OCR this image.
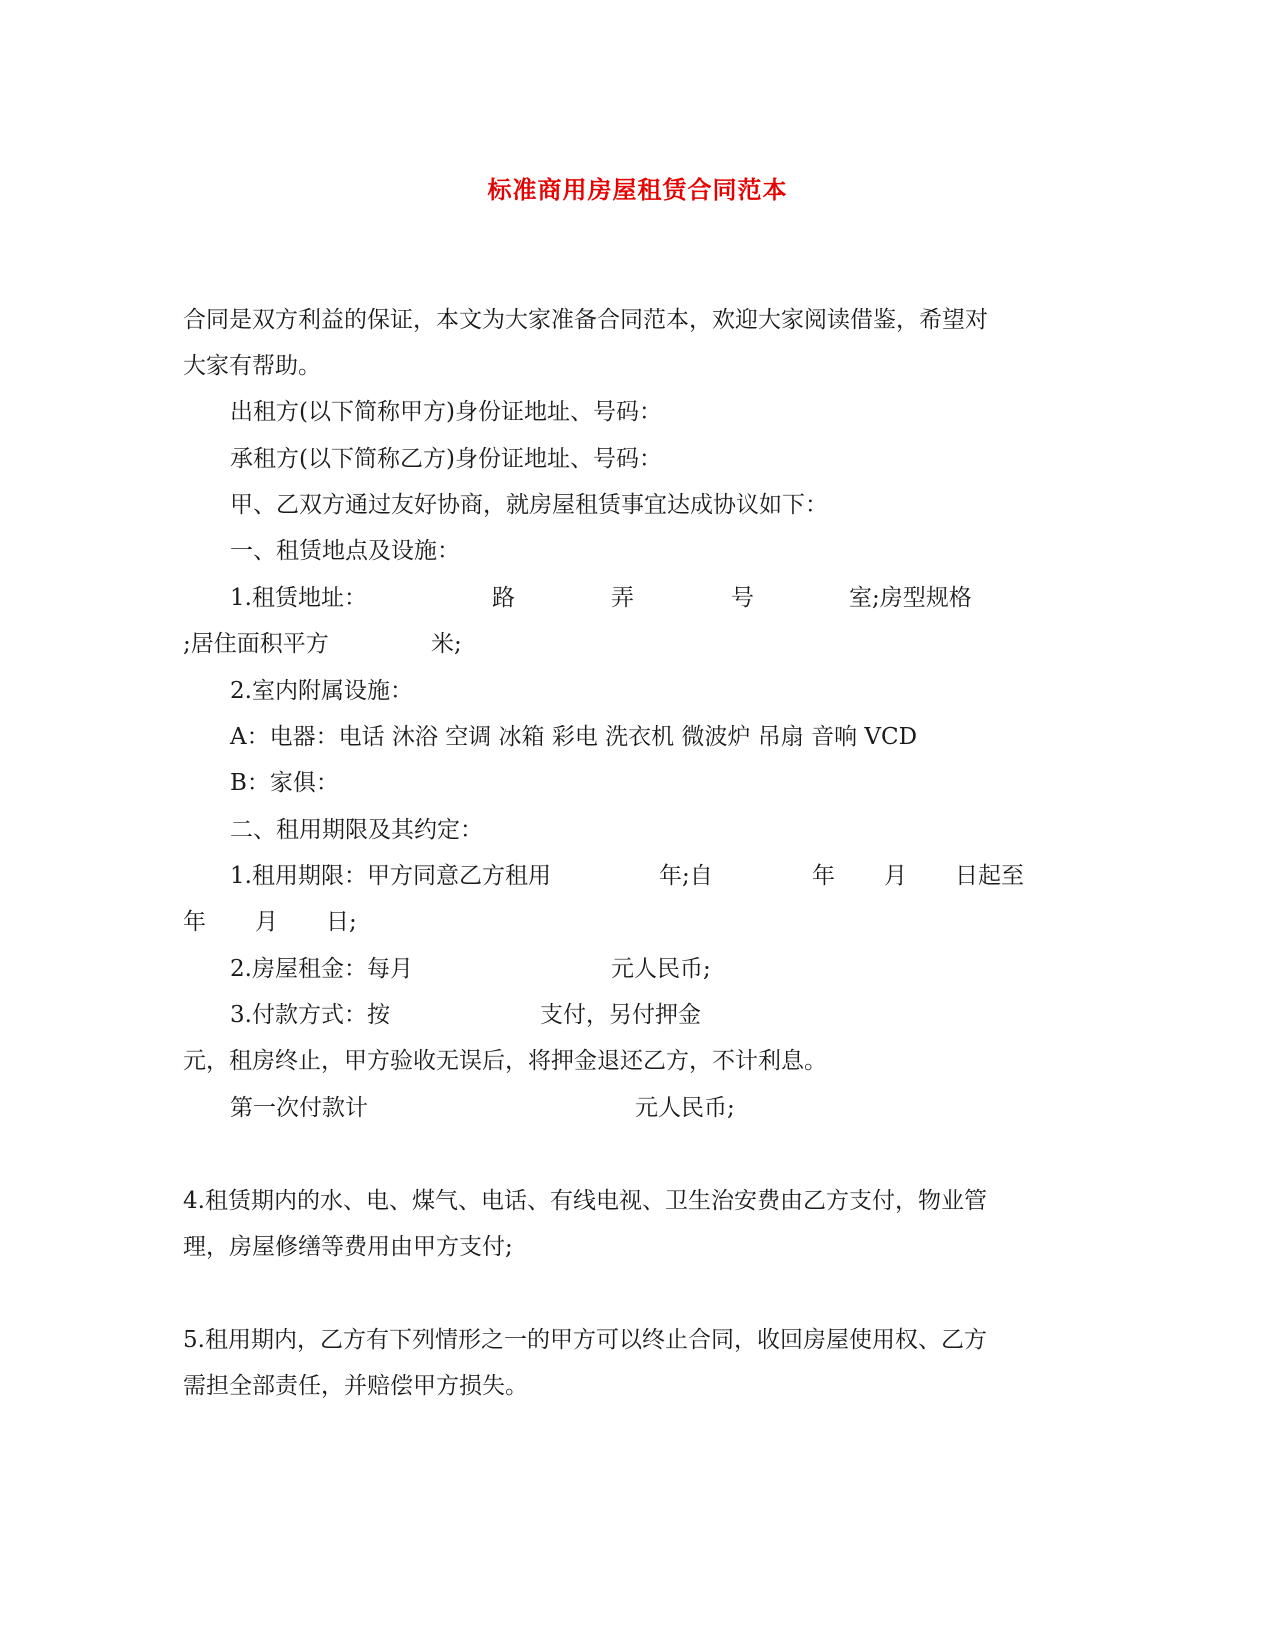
标准商用房屋租赁合同范本
合同是双方利益的保证，本文为大家准备合同范本，欢迎大家阅读借鉴，希望对
大家有帮助。
出租方(以下简称甲方)身份证地址、号码：
承租方(以下简称乙方)身份证地址、号码：
甲、乙双方通过友好协商，就房屋租赁事宜达成协议如下：
一、租赁地点及设施：
1.租赁地址：	路	弄	号	室;房型规格
;居住面积平方	米;
2.室内附属设施：
A：电器：电话 沐浴 空调 冰箱 彩电 洗衣机 微波炉 吊扇 音响 VCD
B：家俱：
二、租用期限及其约定：
1.租用期限：甲方同意乙方租用	年;自	年 月 日起至
年 月 日;
2.房屋租金：每月	元人民币;
3.付款方式：按	支付，另付押金
元，租房终止，甲方验收无误后，将押金退还乙方，不计利息。
第一次付款计	元人民币;
4.租赁期内的水、电、煤气、电话、有线电视、卫生治安费由乙方支付，物业管
理，房屋修缮等费用由甲方支付;
5.租用期内，乙方有下列情形之一的甲方可以终止合同，收回房屋使用权、乙方
需担全部责任，并赔偿甲方损失。
